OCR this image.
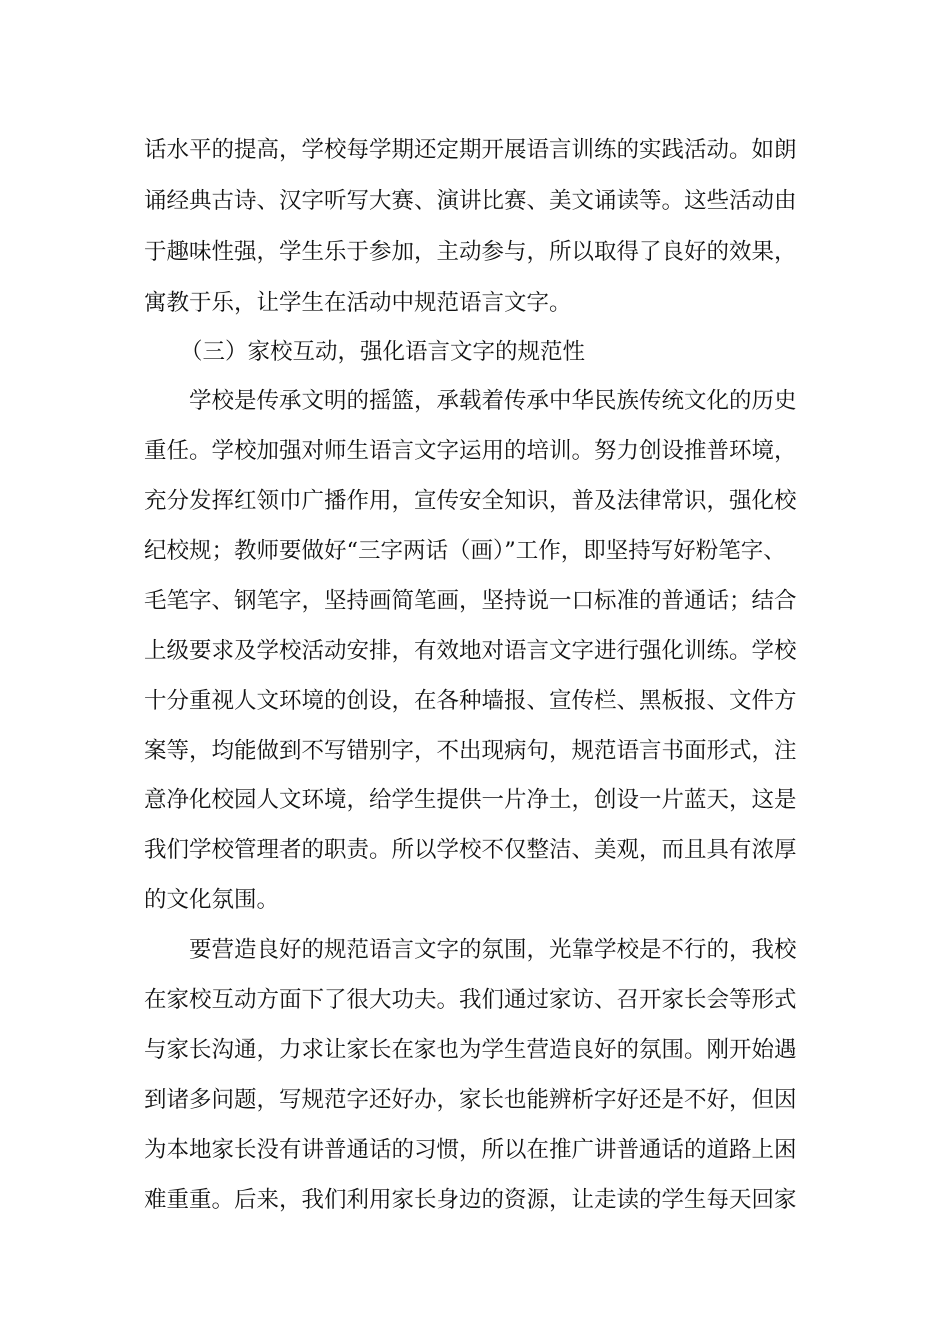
话水平的提高，学校每学期还定期开展语言训练的实践活动。如朗
诵经典古诗、汉字听写大赛、演讲比赛、美文诵读等。这些活动由
于趣味性强，学生乐于参加，主动参与，所以取得了良好的效果，
寓教于乐，让学生在活动中规范语言文字。
（三）家校互动，强化语言文字的规范性
学校是传承文明的摇篮，承载着传承中华民族传统文化的历史
重任。学校加强对师生语言文字运用的培训。努力创设推普环境，
充分发挥红领巾广播作用，宣传安全知识，普及法律常识，强化校
纪校规；教师要做好“三字两话（画）”工作，即坚持写好粉笔字、
毛笔字、钢笔字，坚持画简笔画，坚持说一口标准的普通话；结合
上级要求及学校活动安排，有效地对语言文字进行强化训练。学校
十分重视人文环境的创设，在各种墙报、宣传栏、黑板报、文件方
案等，均能做到不写错别字，不出现病句，规范语言书面形式，注
意净化校园人文环境，给学生提供一片净土，创设一片蓝天，这是
我们学校管理者的职责。所以学校不仅整洁、美观，而且具有浓厚
的文化氛围。
要营造良好的规范语言文字的氛围，光靠学校是不行的，我校
在家校互动方面下了很大功夫。我们通过家访、召开家长会等形式
与家长沟通，力求让家长在家也为学生营造良好的氛围。刚开始遇
到诸多问题，写规范字还好办，家长也能辨析字好还是不好，但因
为本地家长没有讲普通话的习惯，所以在推广讲普通话的道路上困
难重重。后来，我们利用家长身边的资源，让走读的学生每天回家
